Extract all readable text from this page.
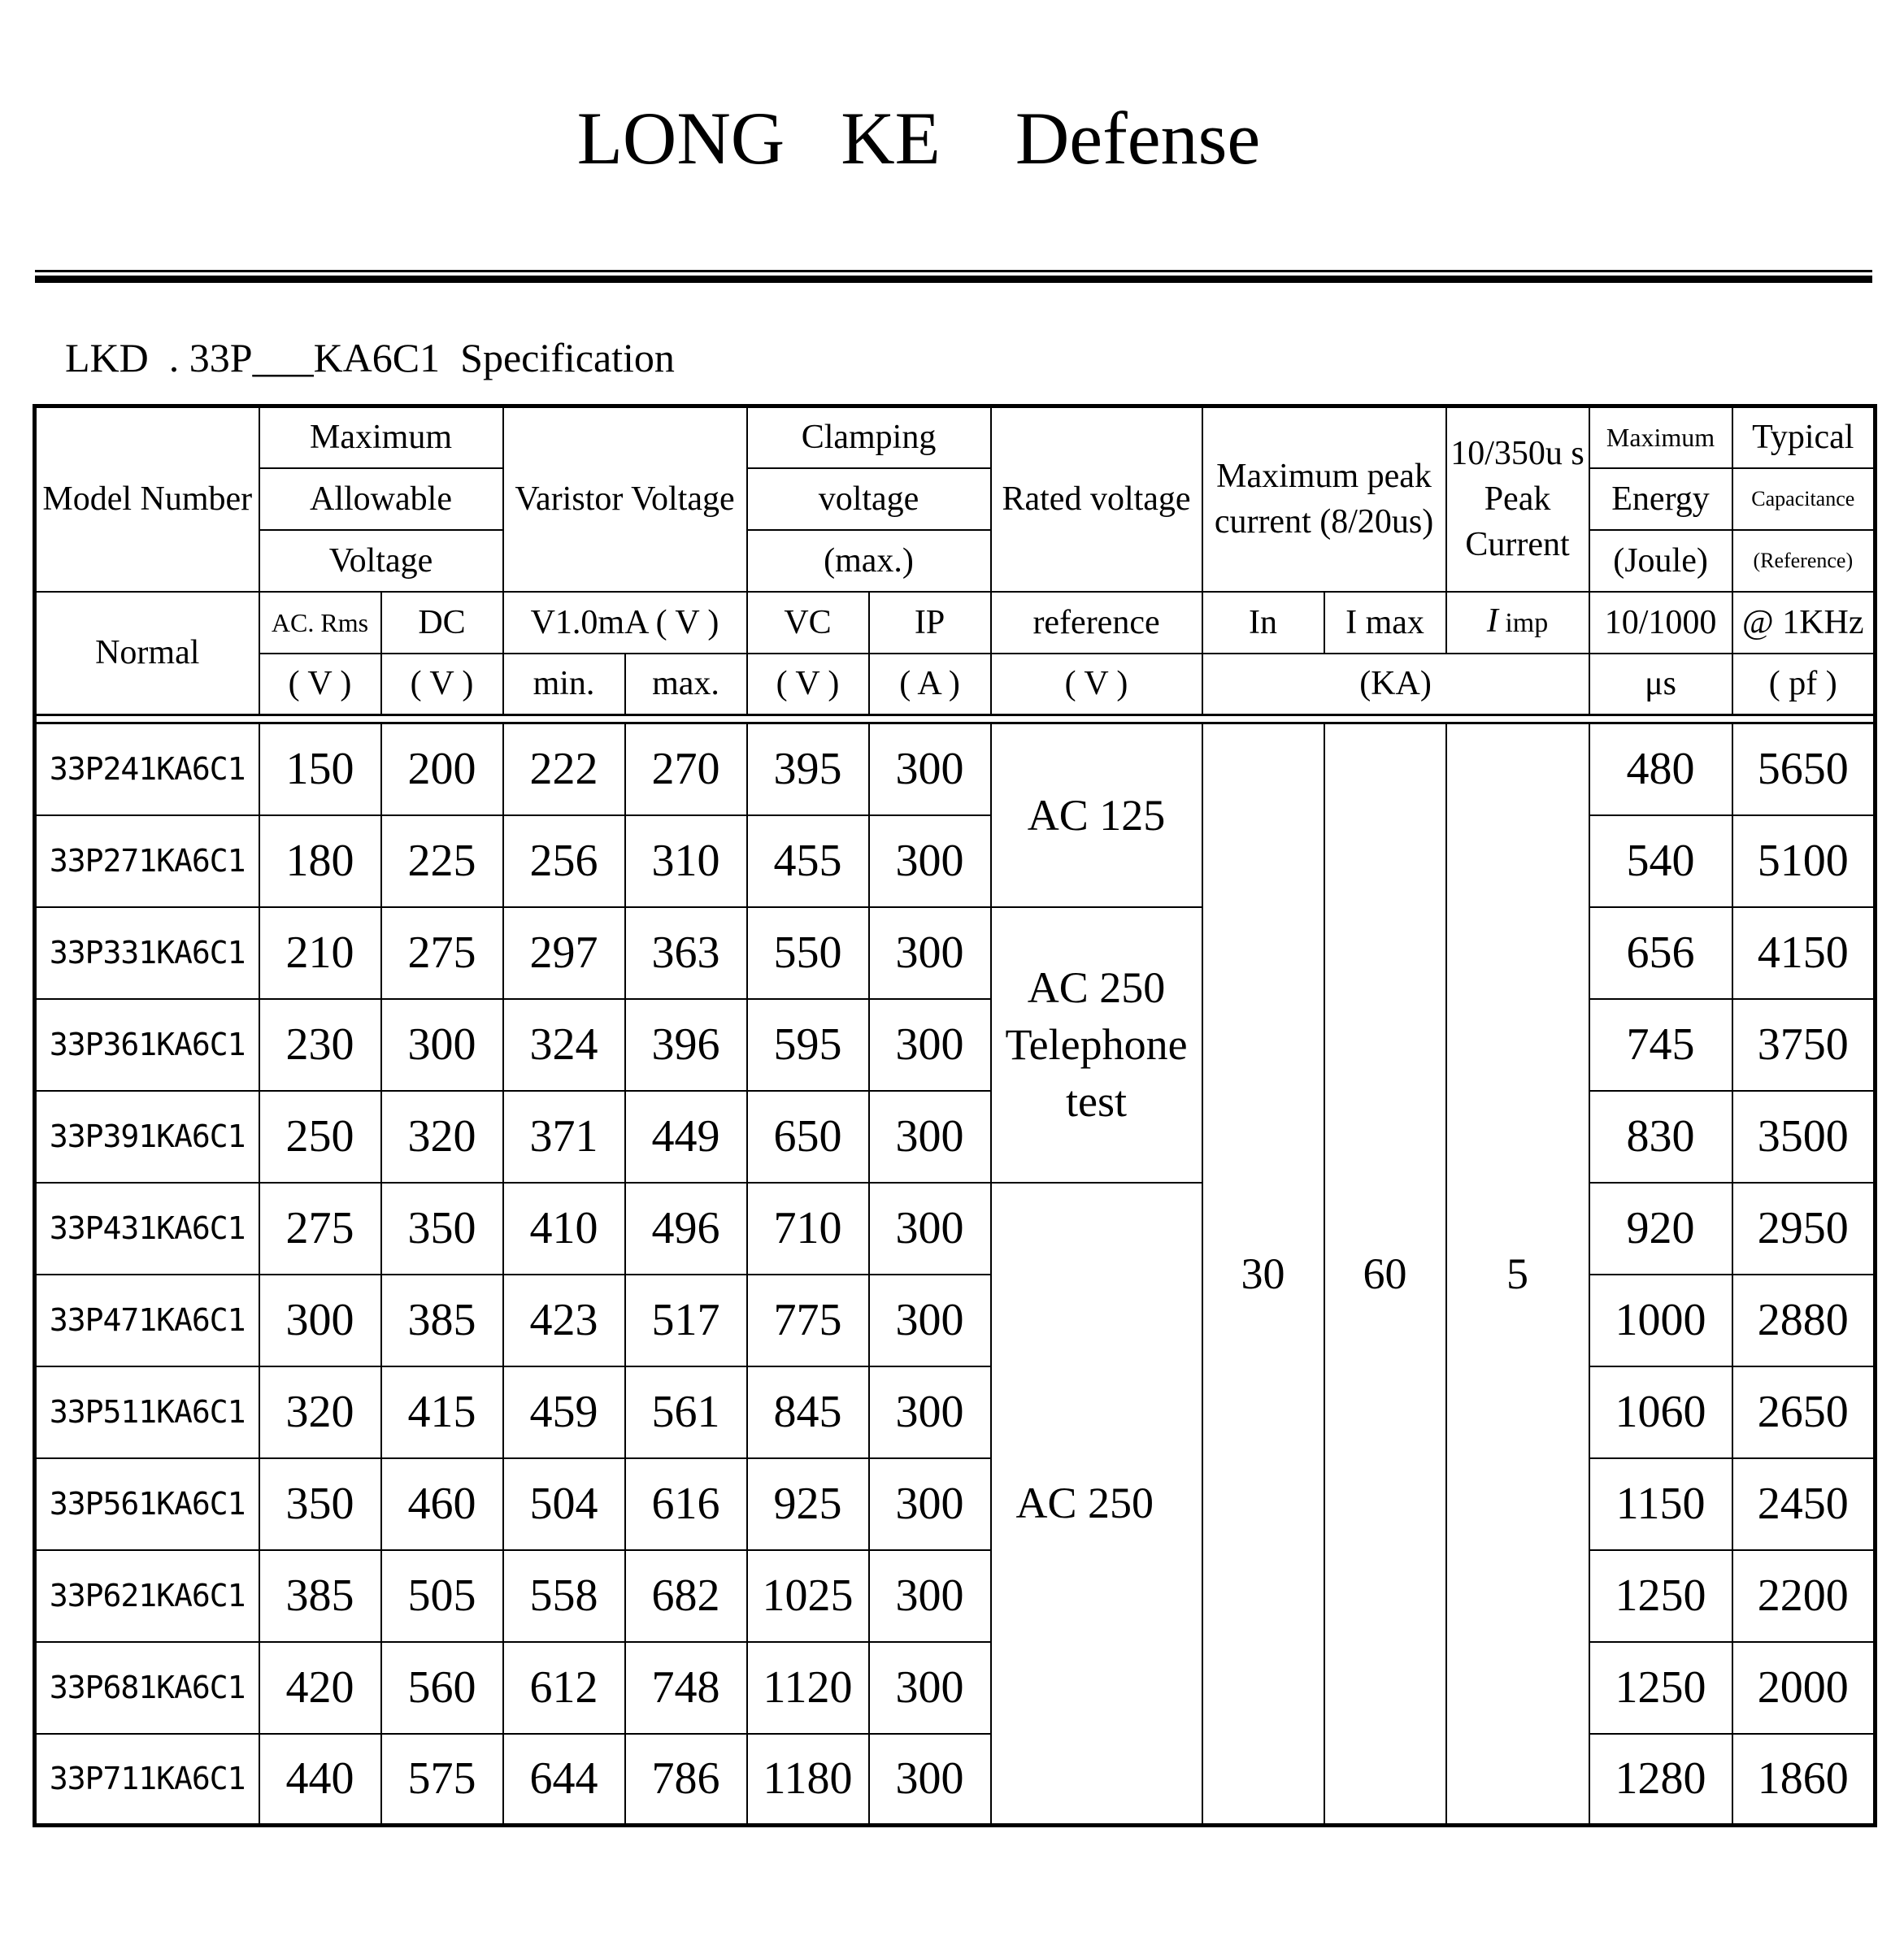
LONG   KE    Defense
LKD  . 33P___KA6C1  Specification
Model Number	Maximum		Varistor Voltage		Clamping		Rated voltage	Maximum peak current (8/20us)		10/350u s Peak Current	Maximum	Typical
	Allowable				voltage						Energy	Capacitance
	Voltage				(max.)						(Joule)	(Reference)
Normal	AC. Rms	DC	V1.0mA ( V )		VC	IP	reference	In	I max	I imp	10/1000	@ 1KHz
	( V )	( V )	min.	max.	( V )	( A )	( V )	(KA)			μs	( pf )

33P241KA6C1	150	200	222	270	395	300	AC 125	30	60	5	480	5650
33P271KA6C1	180	225	256	310	455	300					540	5100
33P331KA6C1	210	275	297	363	550	300	AC 250 Telephone test				656	4150
33P361KA6C1	230	300	324	396	595	300					745	3750
33P391KA6C1	250	320	371	449	650	300					830	3500
33P431KA6C1	275	350	410	496	710	300	AC 250				920	2950
33P471KA6C1	300	385	423	517	775	300					1000	2880
33P511KA6C1	320	415	459	561	845	300					1060	2650
33P561KA6C1	350	460	504	616	925	300					1150	2450
33P621KA6C1	385	505	558	682	1025	300					1250	2200
33P681KA6C1	420	560	612	748	1120	300					1250	2000
33P711KA6C1	440	575	644	786	1180	300					1280	1860
